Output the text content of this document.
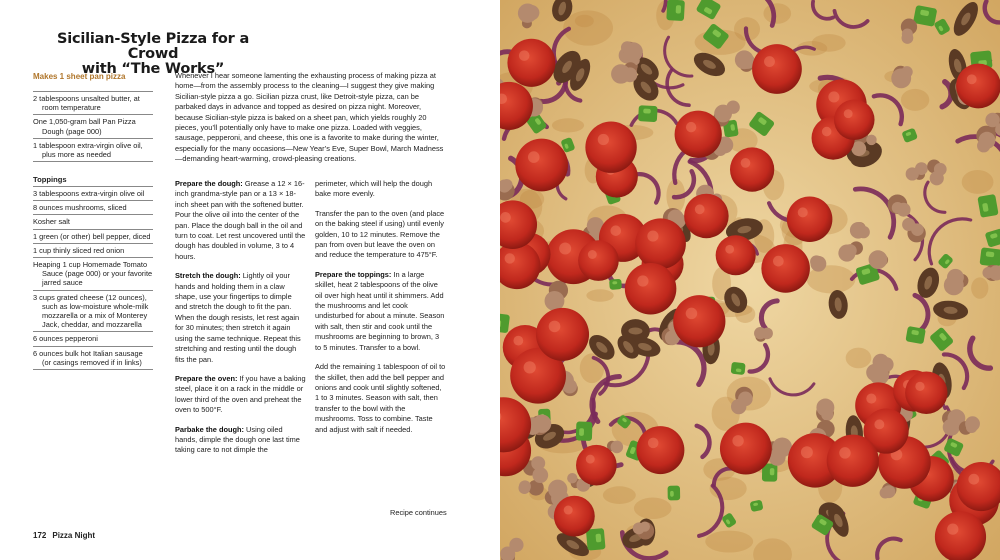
Sicilian-Style Pizza for a Crowd
with “The Works”
Makes 1 sheet pan pizza
2 tablespoons unsalted butter, at room temperature
One 1,050-gram ball Pan Pizza Dough (page 000)
1 tablespoon extra-virgin olive oil, plus more as needed
Toppings
3 tablespoons extra-virgin olive oil
8 ounces mushrooms, sliced
Kosher salt
1 green (or other) bell pepper, diced
1 cup thinly sliced red onion
Heaping 1 cup Homemade Tomato Sauce (page 000) or your favorite jarred sauce
3 cups grated cheese (12 ounces), such as low-moisture whole-milk mozzarella or a mix of Monterey Jack, cheddar, and mozzarella
6 ounces pepperoni
6 ounces bulk hot Italian sausage (or casings removed if in links)

Whenever I hear someone lamenting the exhausting process of making pizza at home—from the assembly process to the cleaning—I suggest they give making Sicilian-style pizza a go. Sicilian pizza crust, like Detroit-style pizza, can be parbaked days in advance and topped as desired on pizza night. Moreover, because Sicilian-style pizza is baked on a sheet pan, which yields roughly 20 pieces, you’ll potentially only have to make one pizza. Loaded with veggies, sausage, pepperoni, and cheese, this one is a favorite to make during the winter, especially for the many occasions—New Year’s Eve, Super Bowl, March Madness—demanding heart-warming, crowd-pleasing creations.

Prepare the dough: Grease a 12 × 16-inch grandma-style pan or a 13 × 18-inch sheet pan with the softened butter. Pour the olive oil into the center of the pan. Place the dough ball in the oil and turn to coat. Let rest uncovered until the dough has doubled in volume, 3 to 4 hours.

Stretch the dough: Lightly oil your hands and holding them in a claw shape, use your fingertips to dimple and stretch the dough to fit the pan. When the dough resists, let rest again for 30 minutes; then stretch it again using the same technique. Repeat this stretching and resting until the dough fits the pan.

Prepare the oven: If you have a baking steel, place it on a rack in the middle or lower third of the oven and preheat the oven to 500°F.

Parbake the dough: Using oiled hands, dimple the dough one last time taking care to not dimple the

perimeter, which will help the dough bake more evenly.

Transfer the pan to the oven (and place on the baking steel if using) until evenly golden, 10 to 12 minutes. Remove the pan from oven but leave the oven on and reduce the temperature to 475°F.

Prepare the toppings: In a large skillet, heat 2 tablespoons of the olive oil over high heat until it shimmers. Add the mushrooms and let cook undisturbed for about a minute. Season with salt, then stir and cook until the mushrooms are beginning to brown, 3 to 5 minutes. Transfer to a bowl.

Add the remaining 1 tablespoon of oil to the skillet, then add the bell pepper and onions and cook until slightly softened, 1 to 3 minutes. Season with salt, then transfer to the bowl with the mushrooms. Toss to combine. Taste and adjust with salt if needed.

Recipe continues
172 Pizza Night
